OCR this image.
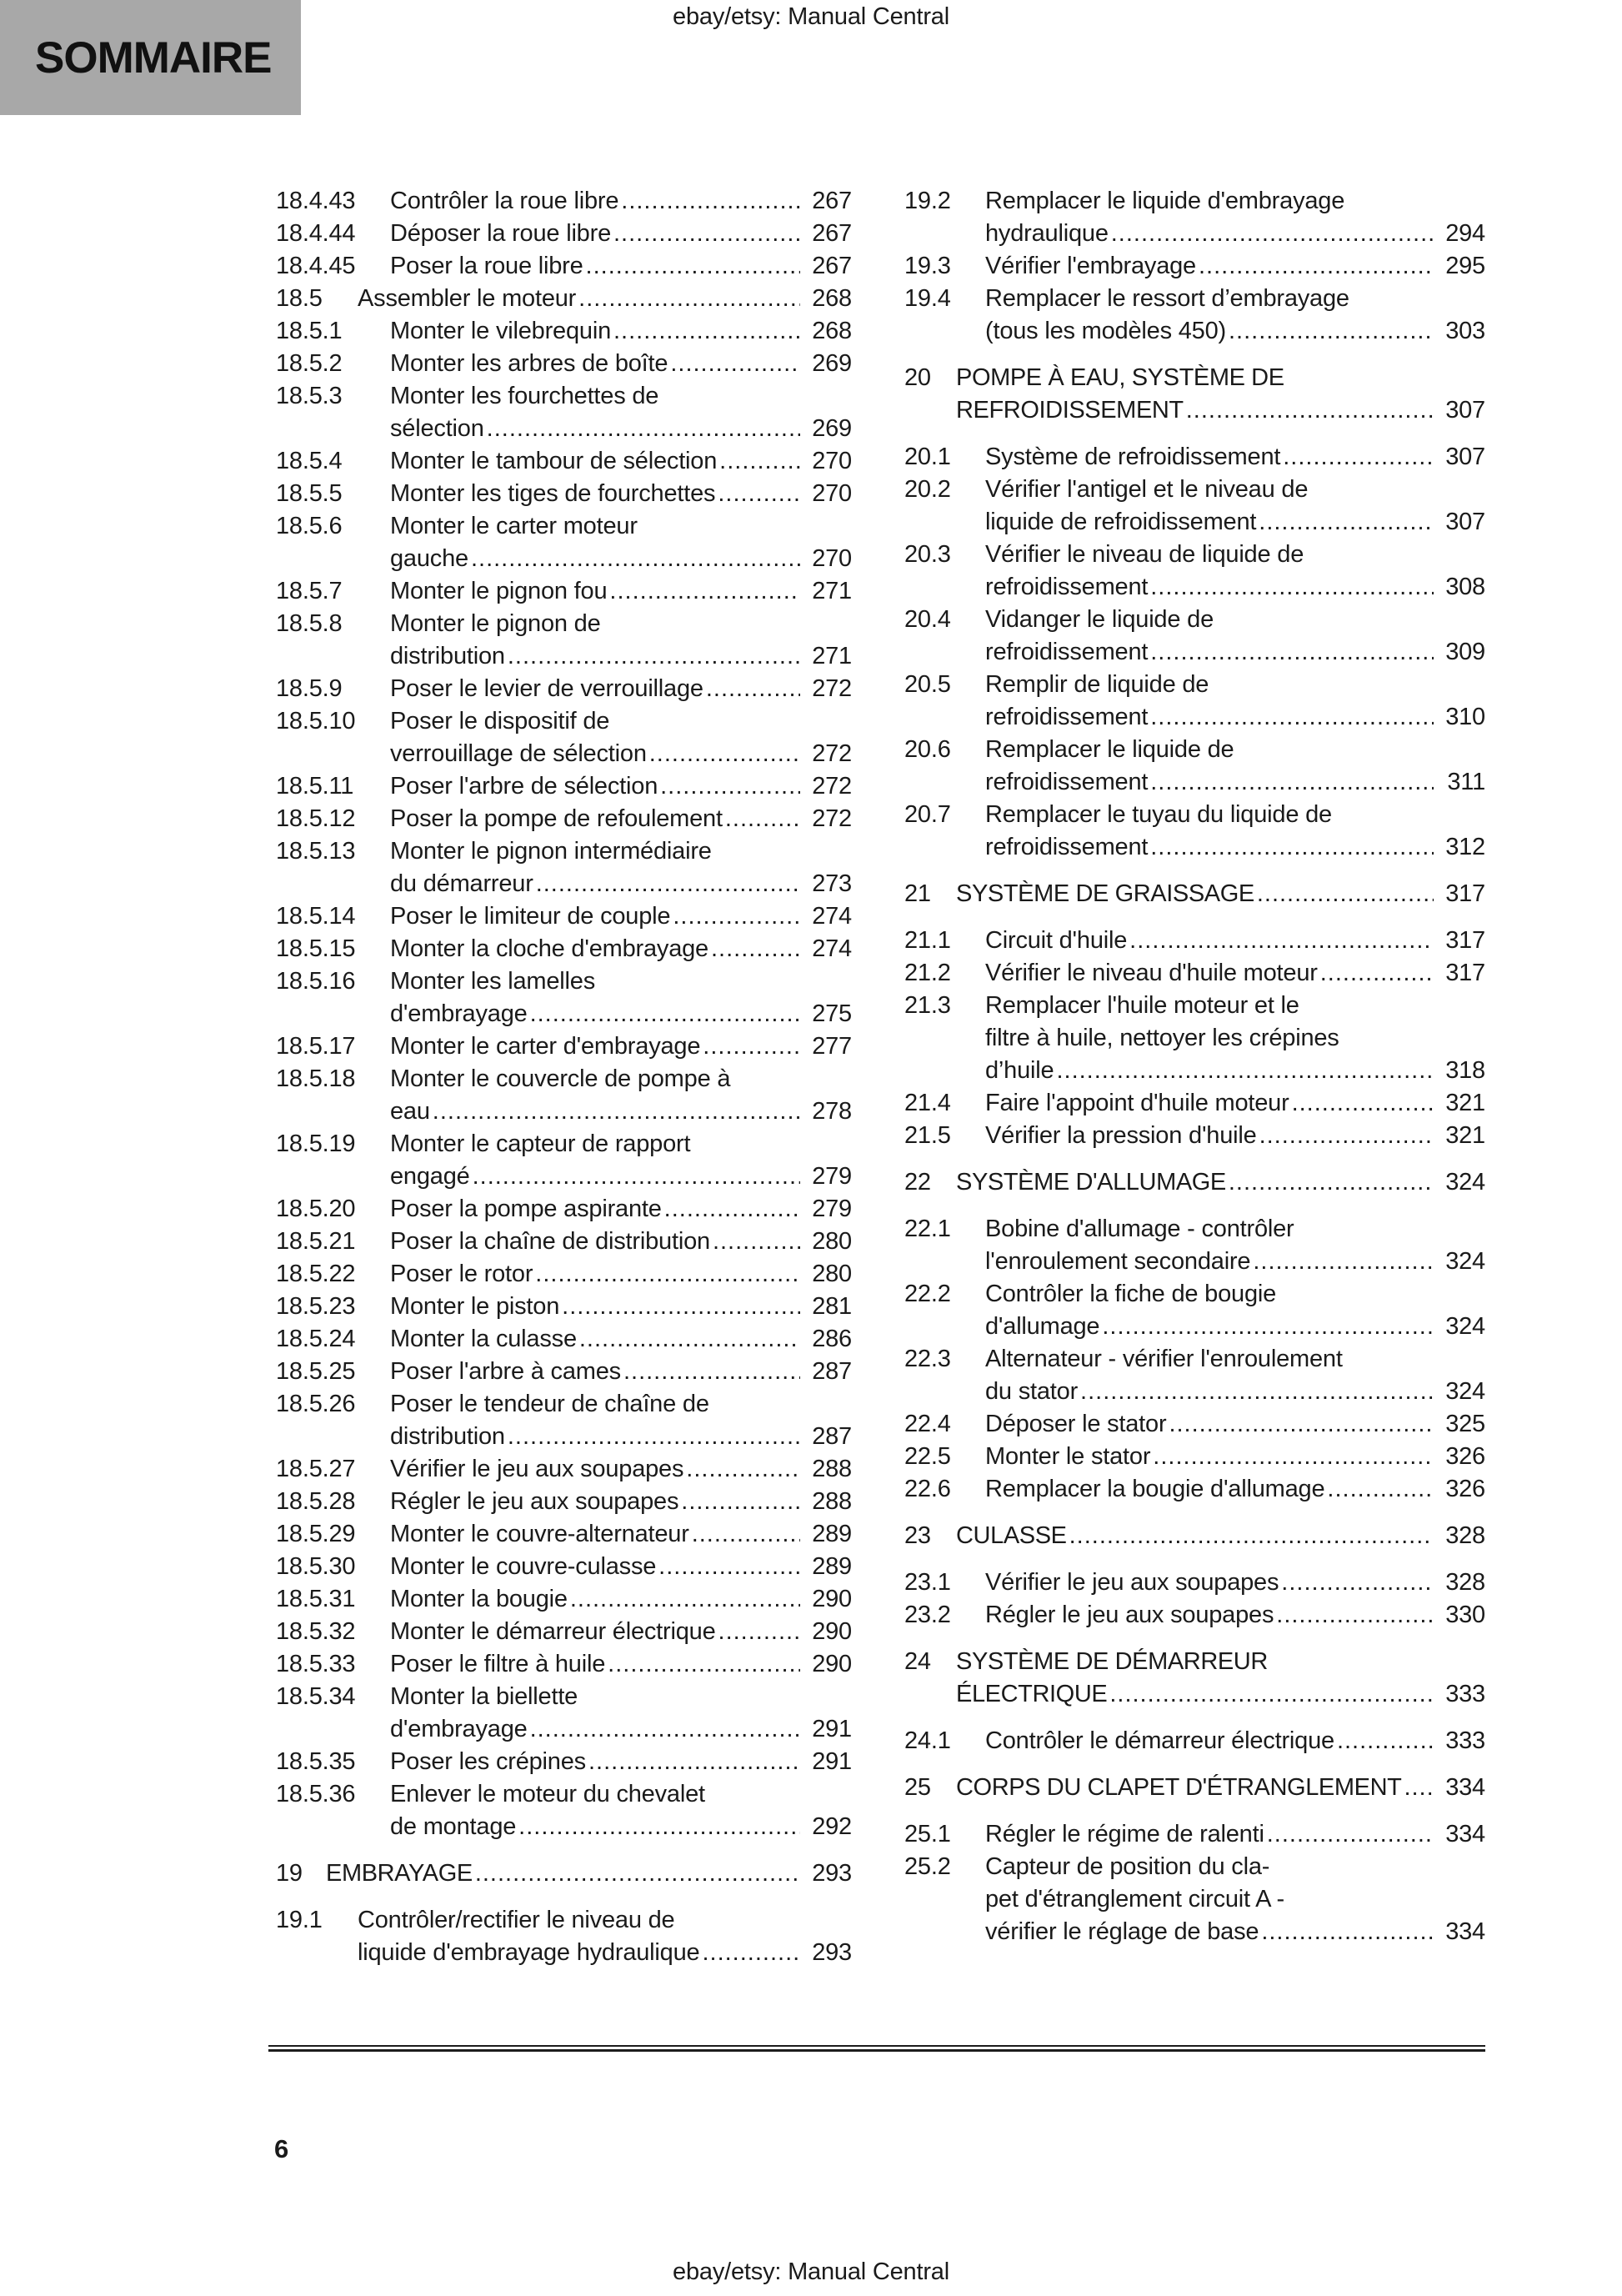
SOMMAIRE
ebay/etsy: Manual Central
18.4.43	Contrôler la roue libre .....	267
18.4.44	Déposer la roue libre .....	267
18.4.45	Poser la roue libre .....	267
18.5	Assembler le moteur .....	268
18.5.1	Monter le vilebrequin .....	268
18.5.2	Monter les arbres de boîte .....	269
18.5.3	Monter les fourchettes de
sélection .....	269
18.5.4	Monter le tambour de sélection .....	270
18.5.5	Monter les tiges de fourchettes .....	270
18.5.6	Monter le carter moteur
gauche .....	270
18.5.7	Monter le pignon fou .....	271
18.5.8	Monter le pignon de
distribution .....	271
18.5.9	Poser le levier de verrouillage .....	272
18.5.10	Poser le dispositif de
verrouillage de sélection .....	272
18.5.11	Poser l'arbre de sélection .....	272
18.5.12	Poser la pompe de refoulement .....	272
18.5.13	Monter le pignon intermédiaire
du démarreur .....	273
18.5.14	Poser le limiteur de couple .....	274
18.5.15	Monter la cloche d'embrayage .....	274
18.5.16	Monter les lamelles
d'embrayage .....	275
18.5.17	Monter le carter d'embrayage .....	277
18.5.18	Monter le couvercle de pompe à
eau .....	278
18.5.19	Monter le capteur de rapport
engagé .....	279
18.5.20	Poser la pompe aspirante .....	279
18.5.21	Poser la chaîne de distribution .....	280
18.5.22	Poser le rotor .....	280
18.5.23	Monter le piston .....	281
18.5.24	Monter la culasse .....	286
18.5.25	Poser l'arbre à cames .....	287
18.5.26	Poser le tendeur de chaîne de
distribution .....	287
18.5.27	Vérifier le jeu aux soupapes .....	288
18.5.28	Régler le jeu aux soupapes .....	288
18.5.29	Monter le couvre-alternateur .....	289
18.5.30	Monter le couvre-culasse .....	289
18.5.31	Monter la bougie .....	290
18.5.32	Monter le démarreur électrique .....	290
18.5.33	Poser le filtre à huile .....	290
18.5.34	Monter la biellette
d'embrayage .....	291
18.5.35	Poser les crépines .....	291
18.5.36	Enlever le moteur du chevalet
de montage .....	292
19 EMBRAYAGE .....	293
19.1	Contrôler/rectifier le niveau de
liquide d'embrayage hydraulique .....	293
19.2	Remplacer le liquide d'embrayage
hydraulique .....	294
19.3	Vérifier l'embrayage .....	295
19.4	Remplacer le ressort d’embrayage
(tous les modèles 450) .....	303
20	POMPE À EAU, SYSTÈME DE
REFROIDISSEMENT .....	307
20.1	Système de refroidissement .....	307
20.2	Vérifier l'antigel et le niveau de
liquide de refroidissement .....	307
20.3	Vérifier le niveau de liquide de
refroidissement .....	308
20.4	Vidanger le liquide de
refroidissement .....	309
20.5	Remplir de liquide de
refroidissement .....	310
20.6	Remplacer le liquide de
refroidissement .....	311
20.7	Remplacer le tuyau du liquide de
refroidissement .....	312
21	SYSTÈME DE GRAISSAGE .....	317
21.1	Circuit d'huile .....	317
21.2	Vérifier le niveau d'huile moteur .....	317
21.3	Remplacer l'huile moteur et le
filtre à huile, nettoyer les crépines
d’huile .....	318
21.4	Faire l'appoint d'huile moteur .....	321
21.5	Vérifier la pression d'huile .....	321
22	SYSTÈME D'ALLUMAGE .....	324
22.1	Bobine d'allumage - contrôler
l'enroulement secondaire .....	324
22.2	Contrôler la fiche de bougie
d'allumage .....	324
22.3	Alternateur - vérifier l'enroulement
du stator .....	324
22.4	Déposer le stator .....	325
22.5	Monter le stator .....	326
22.6	Remplacer la bougie d'allumage .....	326
23	CULASSE .....	328
23.1	Vérifier le jeu aux soupapes .....	328
23.2	Régler le jeu aux soupapes .....	330
24	SYSTÈME DE DÉMARREUR
ÉLECTRIQUE .....	333
24.1	Contrôler le démarreur électrique .....	333
25	CORPS DU CLAPET D'ÉTRANGLEMENT ..... 334
25.1	Régler le régime de ralenti .....	334
25.2	Capteur de position du cla-
pet d'étranglement circuit A -
vérifier le réglage de base .....	334
6
ebay/etsy: Manual Central
